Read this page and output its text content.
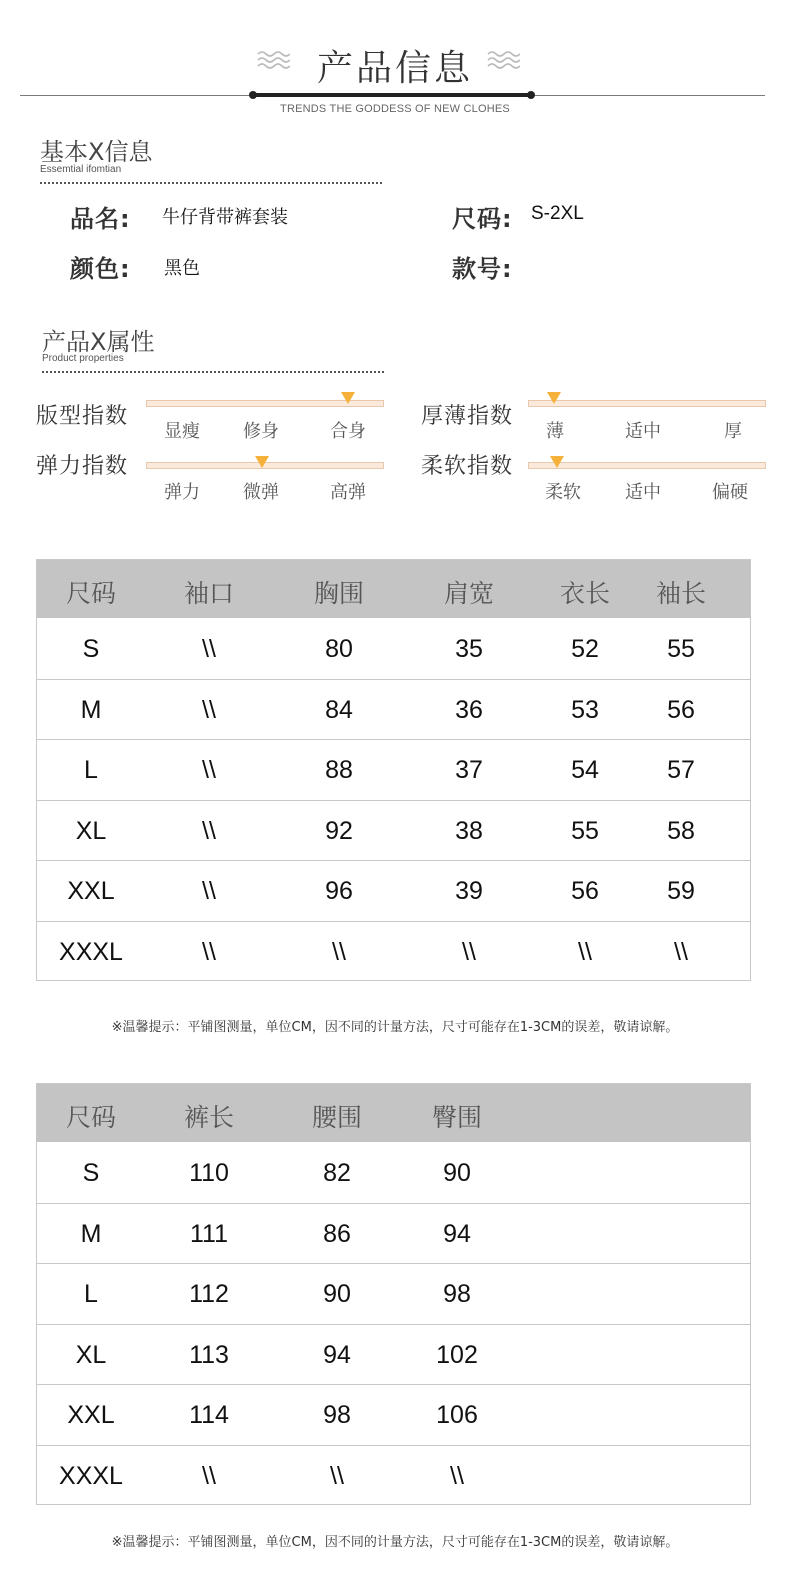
产品信息
TRENDS THE GODDESS OF NEW CLOHES
基本X信息
Essemtial ifomtian
品名: 牛仔背带裤套装	尺码: S-2XL
颜色: 黑色	款号:
产品X属性
Product properties
版型指数
显瘦 修身	合身
厚薄指数
薄	适中	厚
弹力指数
弹力 微弹	高弹
柔软指数
柔软 适中	偏硬
尺码	袖口	胸围	肩宽	衣长 袖长
S	\\	80	35	52	55
M	\\	84	36	53	56
L	\\	88	37	54	57
XL	\\	92	38	55	58
XXL	\\	96	39	56	59
XXXL	\\	\\	\\	\\	\\
※温馨提示：平铺图测量，单位CM，因不同的计量方法，尺寸可能存在1-3CM的误差，敬请谅解。
尺码	裤长	腰围	臀围
S	110	82	90
M	111	86	94
L	112	90	98
XL	113	94	102
XXL	114	98	106
XXXL	\\	\\	\\
※温馨提示：平铺图测量，单位CM，因不同的计量方法，尺寸可能存在1-3CM的误差，敬请谅解。
